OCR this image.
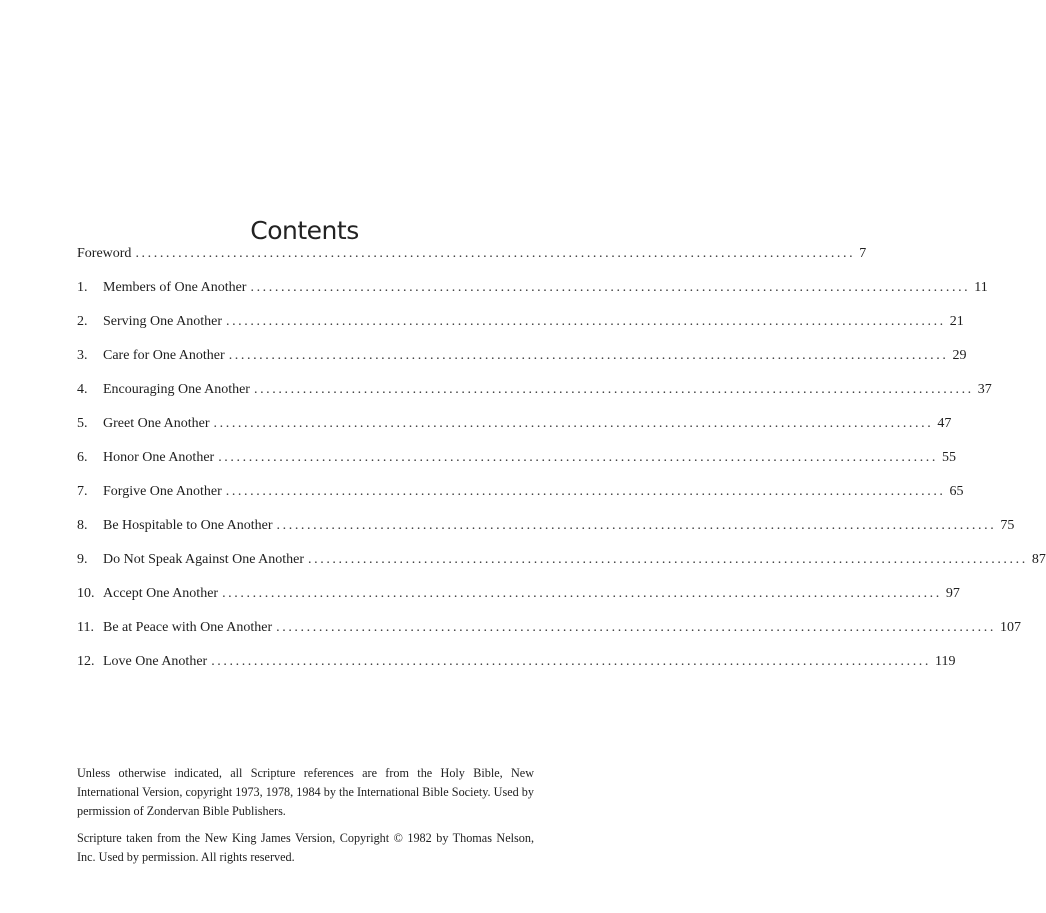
Contents
Foreword ...................................................................................................................... 7
1.	Members of One Another ...................................................................................................................... 11
2.	Serving One Another ...................................................................................................................... 21
3.	Care for One Another ...................................................................................................................... 29
4.	Encouraging One Another ...................................................................................................................... 37
5.	Greet One Another ...................................................................................................................... 47
6.	Honor One Another ...................................................................................................................... 55
7.	Forgive One Another ...................................................................................................................... 65
8.	Be Hospitable to One Another ...................................................................................................................... 75
9.	Do Not Speak Against One Another ...................................................................................................................... 87
10. Accept One Another ...................................................................................................................... 97
11. Be at Peace with One Another ...................................................................................................................... 107
12. Love One Another ...................................................................................................................... 119

Unless otherwise indicated, all Scripture references are from the Holy Bible, New International Version, copyright 1973, 1978, 1984 by the International Bible Society. Used by permission of Zondervan Bible Publishers.

Scripture taken from the New King James Version, Copyright © 1982 by Thomas Nelson, Inc. Used by permission. All rights reserved.
